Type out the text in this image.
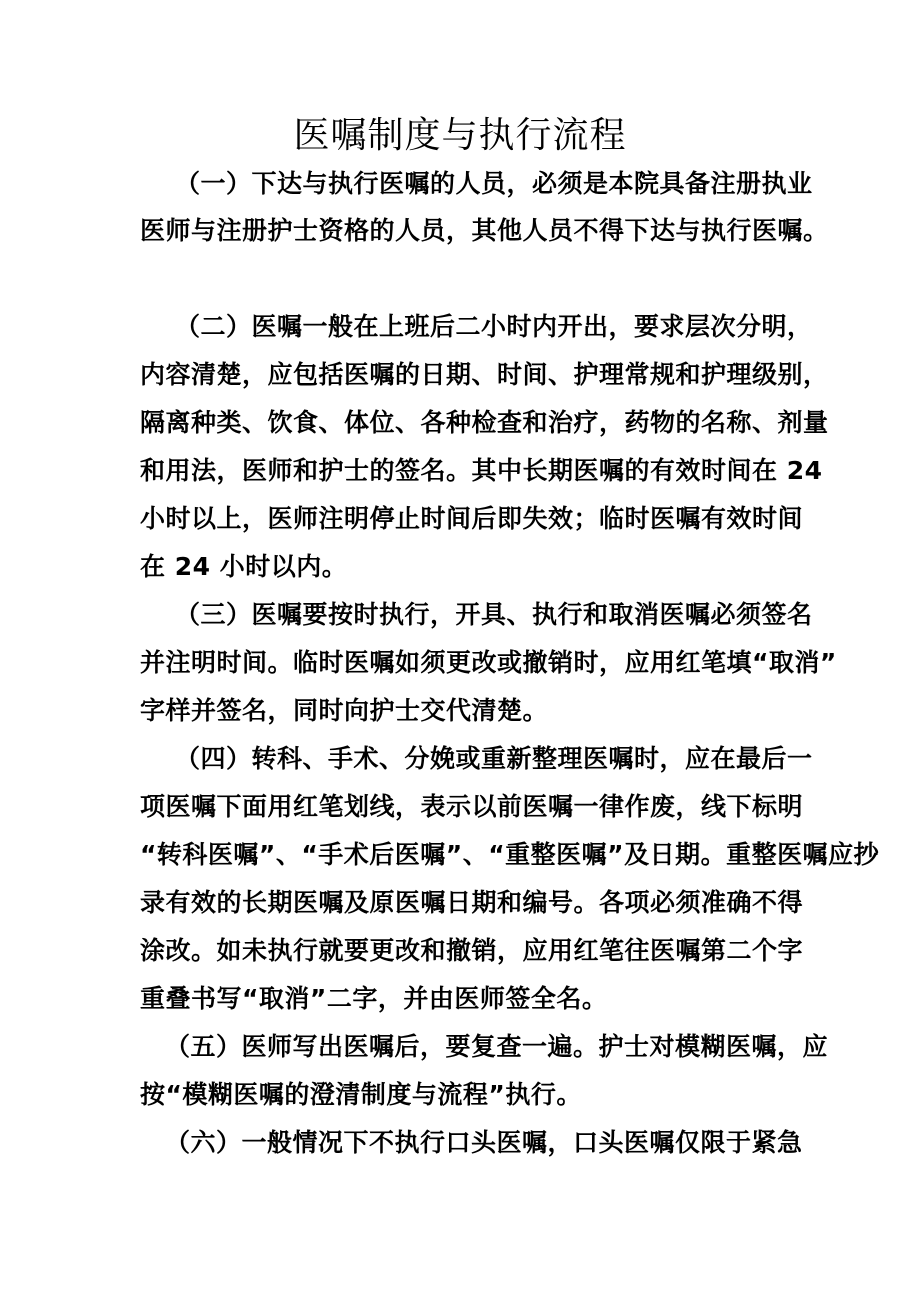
医嘱制度与执行流程
（一）下达与执行医嘱的人员，必须是本院具备注册执业
医师与注册护士资格的人员，其他人员不得下达与执行医嘱。
（二）医嘱一般在上班后二小时内开出，要求层次分明，
内容清楚，应包括医嘱的日期、时间、护理常规和护理级别，
隔离种类、饮食、体位、各种检查和治疗，药物的名称、剂量
和用法，医师和护士的签名。其中长期医嘱的有效时间在 24
小时以上，医师注明停止时间后即失效；临时医嘱有效时间
在 24 小时以内。
（三）医嘱要按时执行，开具、执行和取消医嘱必须签名
并注明时间。临时医嘱如须更改或撤销时，应用红笔填“取消”
字样并签名，同时向护士交代清楚。
（四）转科、手术、分娩或重新整理医嘱时，应在最后一
项医嘱下面用红笔划线，表示以前医嘱一律作废，线下标明
“转科医嘱”、“手术后医嘱”、“重整医嘱”及日期。重整医嘱应抄
录有效的长期医嘱及原医嘱日期和编号。各项必须准确不得
涂改。如未执行就要更改和撤销，应用红笔往医嘱第二个字
重叠书写“取消”二字，并由医师签全名。
（五）医师写出医嘱后，要复查一遍。护士对模糊医嘱，应
按“模糊医嘱的澄清制度与流程”执行。
（六）一般情况下不执行口头医嘱，口头医嘱仅限于紧急
